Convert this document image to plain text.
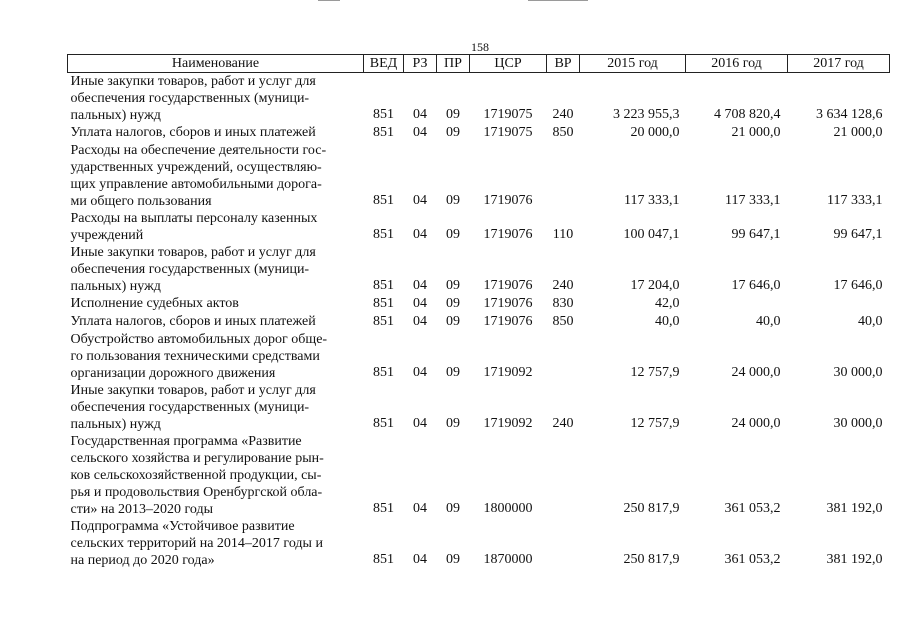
158
Наименование	ВЕД	РЗ	ПР	ЦСР	ВР	2015 год	2016 год	2017 год
Иные закупки товаров, работ и услуг для
обеспечения государственных (муници-
пальных) нужд	851	04	09	1719075	240	3 223 955,3	4 708 820,4	3 634 128,6
Уплата налогов, сборов и иных платежей	851	04	09	1719075	850	20 000,0	21 000,0	21 000,0
Расходы на обеспечение деятельности гос-
ударственных учреждений, осуществляю-
щих управление автомобильными дорога-
ми общего пользования	851	04	09	1719076		117 333,1	117 333,1	117 333,1
Расходы на выплаты персоналу казенных
учреждений	851	04	09	1719076	110	100 047,1	99 647,1	99 647,1
Иные закупки товаров, работ и услуг для
обеспечения государственных (муници-
пальных) нужд	851	04	09	1719076	240	17 204,0	17 646,0	17 646,0
Исполнение судебных актов	851	04	09	1719076	830	42,0		
Уплата налогов, сборов и иных платежей	851	04	09	1719076	850	40,0	40,0	40,0
Обустройство автомобильных дорог обще-
го пользования техническими средствами
организации дорожного движения	851	04	09	1719092		12 757,9	24 000,0	30 000,0
Иные закупки товаров, работ и услуг для
обеспечения государственных (муници-
пальных) нужд	851	04	09	1719092	240	12 757,9	24 000,0	30 000,0
Государственная программа «Развитие
сельского хозяйства и регулирование рын-
ков сельскохозяйственной продукции, сы-
рья и продовольствия Оренбургской обла-
сти» на 2013–2020 годы	851	04	09	1800000		250 817,9	361 053,2	381 192,0
Подпрограмма «Устойчивое развитие
сельских территорий на 2014–2017 годы и
на период до 2020 года»	851	04	09	1870000		250 817,9	361 053,2	381 192,0
